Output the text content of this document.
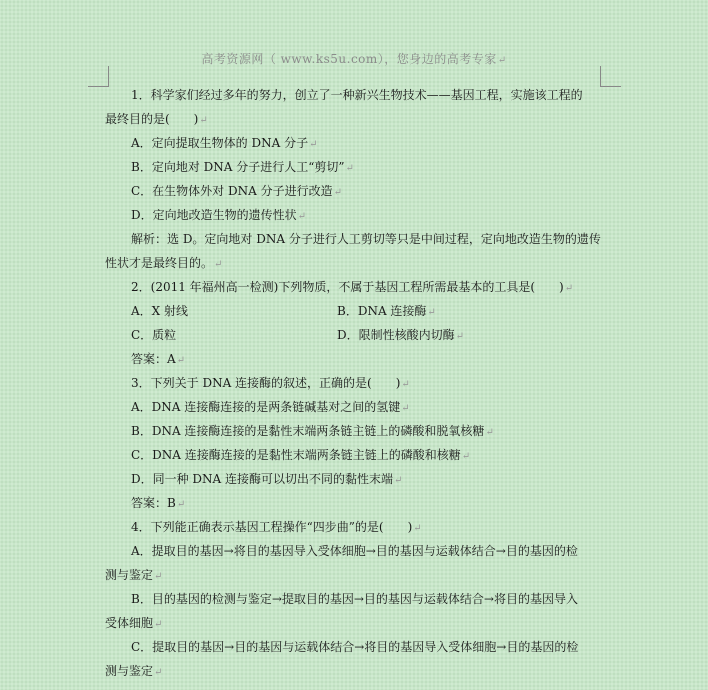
高考资源网（ www.ks5u.com），您身边的高考专家↵
1．科学家们经过多年的努力，创立了一种新兴生物技术——基因工程，实施该工程的
最终目的是(　　)↵
A．定向提取生物体的 DNA 分子↵
B．定向地对 DNA 分子进行人工“剪切”↵
C．在生物体外对 DNA 分子进行改造↵
D．定向地改造生物的遗传性状↵
解析：选 D。定向地对 DNA 分子进行人工剪切等只是中间过程，定向地改造生物的遗传
性状才是最终目的。↵
2．(2011 年福州高一检测)下列物质，不属于基因工程所需最基本的工具是(　　)↵
A．X 射线	B．DNA 连接酶↵
C．质粒	D．限制性核酸内切酶↵
答案：A↵
3．下列关于 DNA 连接酶的叙述，正确的是(　　)↵
A．DNA 连接酶连接的是两条链碱基对之间的氢键↵
B．DNA 连接酶连接的是黏性末端两条链主链上的磷酸和脱氧核糖↵
C．DNA 连接酶连接的是黏性末端两条链主链上的磷酸和核糖↵
D．同一种 DNA 连接酶可以切出不同的黏性末端↵
答案：B↵
4．下列能正确表示基因工程操作“四步曲”的是(　　)↵
A．提取目的基因→将目的基因导入受体细胞→目的基因与运载体结合→目的基因的检
测与鉴定↵
B．目的基因的检测与鉴定→提取目的基因→目的基因与运载体结合→将目的基因导入
受体细胞↵
C．提取目的基因→目的基因与运载体结合→将目的基因导入受体细胞→目的基因的检
测与鉴定↵
